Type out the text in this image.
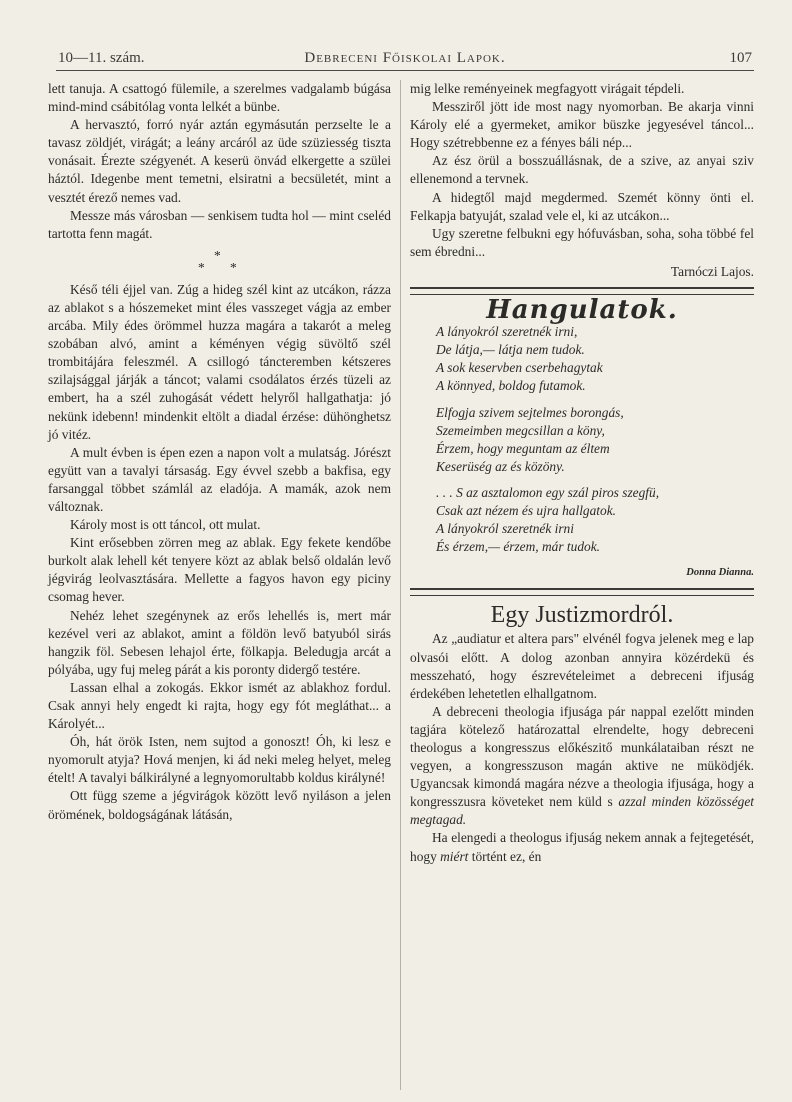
10—11. szám.	Debreceni Főiskolai Lapok.	107

lett tanuja. A csattogó fülemile, a szerelmes vadgalamb búgása mind-mind csábitólag vonta lelkét a bünbe.

A hervasztó, forró nyár aztán egymásután perzselte le a tavasz zöldjét, virágát; a leány arcáról az üde szüziesség tiszta vonásait. Érezte szégyenét. A keserü önvád elkergette a szülei háztól. Idegenbe ment temetni, elsiratni a becsületét, mint a vesztét érező nemes vad.

Messze más városban — senkisem tudta hol — mint cseléd tartotta fenn magát.

*
* *

Késő téli éjjel van. Zúg a hideg szél kint az utcákon, rázza az ablakot s a hószemeket mint éles vasszeget vágja az ember arcába. Mily édes örömmel huzza magára a takarót a meleg szobában alvó, amint a kéményen végig süvöltő szél trombitájára feleszmél. A csillogó táncteremben kétszeres szilajsággal járják a táncot; valami csodálatos érzés tüzeli az embert, ha a szél zuhogását védett helyről hallgathatja: jó nekünk idebenn! mindenkit eltölt a diadal érzése: dühönghetsz jó vitéz.

A mult évben is épen ezen a napon volt a mulatság. Jórészt együtt van a tavalyi társaság. Egy évvel szebb a bakfisa, egy farsanggal többet számlál az eladója. A mamák, azok nem változnak.

Károly most is ott táncol, ott mulat.

Kint erősebben zörren meg az ablak. Egy fekete kendőbe burkolt alak lehell két tenyere közt az ablak belső oldalán levő jégvirág leolvasztására. Mellette a fagyos havon egy piciny csomag hever.

Nehéz lehet szegénynek az erős lehellés is, mert már kezével veri az ablakot, amint a földön levő batyuból sirás hangzik föl. Sebesen lehajol érte, fölkapja. Beledugja arcát a pólyába, ugy fuj meleg párát a kis poronty didergő testére.

Lassan elhal a zokogás. Ekkor ismét az ablakhoz fordul. Csak annyi hely engedt ki rajta, hogy egy fót megláthat... a Károlyét...

Óh, hát örök Isten, nem sujtod a gonoszt! Óh, ki lesz e nyomorult atyja? Hová menjen, ki ád neki meleg helyet, meleg ételt! A tavalyi bálkirályné a legnyomorultabb koldus királyné!

Ott függ szeme a jégvirágok között levő nyiláson a jelen örömének, boldogságának látásán,

mig lelke reményeinek megfagyott virágait tépdeli.

Messziről jött ide most nagy nyomorban. Be akarja vinni Károly elé a gyermeket, amikor büszke jegyesével táncol... Hogy szétrebbenne ez a fényes báli nép...

Az ész örül a bosszuállásnak, de a szive, az anyai sziv ellenemond a tervnek.

A hidegtől majd megdermed. Szemét könny önti el. Felkapja batyuját, szalad vele el, ki az utcákon...

Ugy szeretne felbukni egy hófuvásban, soha, soha többé fel sem ébredni...

Tarnóczi Lajos.

Hangulatok.

A lányokról szeretnék irni,

De látja,— látja nem tudok.

A sok keservben cserbehagytak

A könnyed, boldog futamok.

Elfogja szivem sejtelmes borongás,

Szemeimben megcsillan a köny,

Érzem, hogy meguntam az éltem

Keserüség az és közöny.

. . . S az asztalomon egy szál piros szegfü,

Csak azt nézem és ujra hallgatok.

A lányokról szeretnék irni

És érzem,— érzem, már tudok.

Donna Dianna.
Egy Justizmordról.

Az „audiatur et altera pars" elvénél fogva jelenek meg e lap olvasói előtt. A dolog azonban annyira közérdekü és messzeható, hogy észrevételeimet a debreceni ifjuság érdekében lehetetlen elhallgatnom.

A debreceni theologia ifjusága pár nappal ezelőtt minden tagjára kötelező határozattal elrendelte, hogy debreceni theologus a kongresszus előkészitő munkálataiban részt ne vegyen, a kongresszuson magán aktive ne müködjék. Ugyancsak kimondá magára nézve a theologia ifjusága, hogy a kongresszusra követeket nem küld s azzal minden közösséget megtagad.

Ha elengedi a theologus ifjuság nekem annak a fejtegetését, hogy miért történt ez, én
